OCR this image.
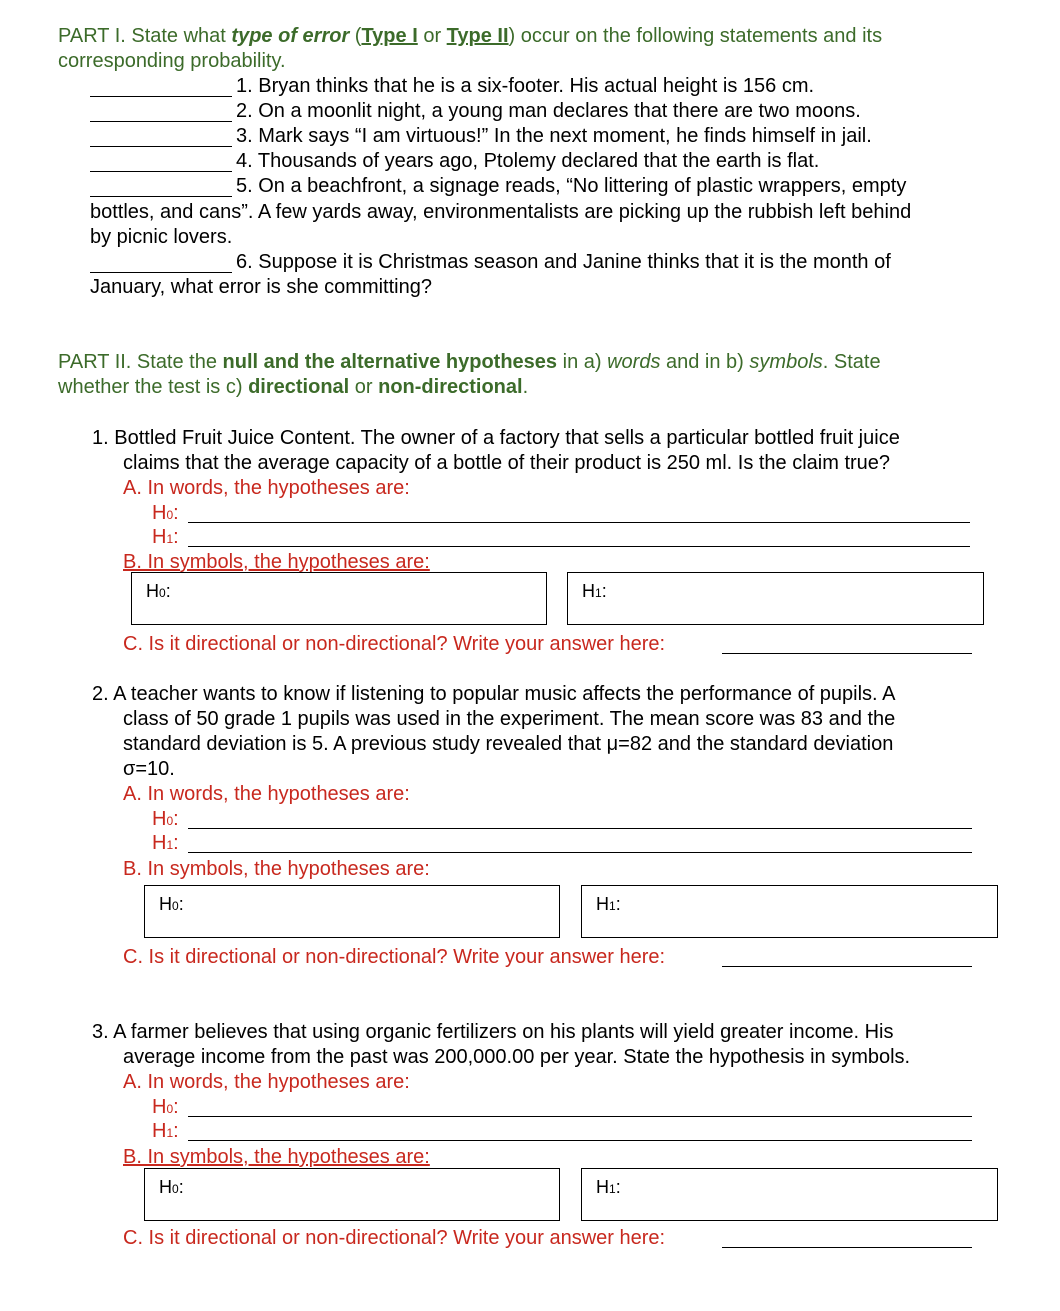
PART I. State what type of error (Type I or Type II) occur on the following statements and its
corresponding probability.
1. Bryan thinks that he is a six-footer. His actual height is 156 cm.
2. On a moonlit night, a young man declares that there are two moons.
3. Mark says “I am virtuous!” In the next moment, he finds himself in jail.
4. Thousands of years ago, Ptolemy declared that the earth is flat.
5. On a beachfront, a signage reads, “No littering of plastic wrappers, empty
bottles, and cans”. A few yards away, environmentalists are picking up the rubbish left behind
by picnic lovers.
6. Suppose it is Christmas season and Janine thinks that it is the month of
January, what error is she committing?
PART II. State the null and the alternative hypotheses in a) words and in b) symbols. State
whether the test is c) directional or non-directional.
1. Bottled Fruit Juice Content. The owner of a factory that sells a particular bottled fruit juice
claims that the average capacity of a bottle of their product is 250 ml. Is the claim true?
A. In words, the hypotheses are:
H0:
H1:
B. In symbols, the hypotheses are:
H0:	H1:
C. Is it directional or non-directional? Write your answer here:
2. A teacher wants to know if listening to popular music affects the performance of pupils. A
class of 50 grade 1 pupils was used in the experiment. The mean score was 83 and the
standard deviation is 5. A previous study revealed that μ=82 and the standard deviation
σ=10.
A. In words, the hypotheses are:
H0:
H1:
B. In symbols, the hypotheses are:
H0:	H1:
C. Is it directional or non-directional? Write your answer here:
3. A farmer believes that using organic fertilizers on his plants will yield greater income. His
average income from the past was 200,000.00 per year. State the hypothesis in symbols.
A. In words, the hypotheses are:
H0:
H1:
B. In symbols, the hypotheses are:
H0:	H1:
C. Is it directional or non-directional? Write your answer here:
